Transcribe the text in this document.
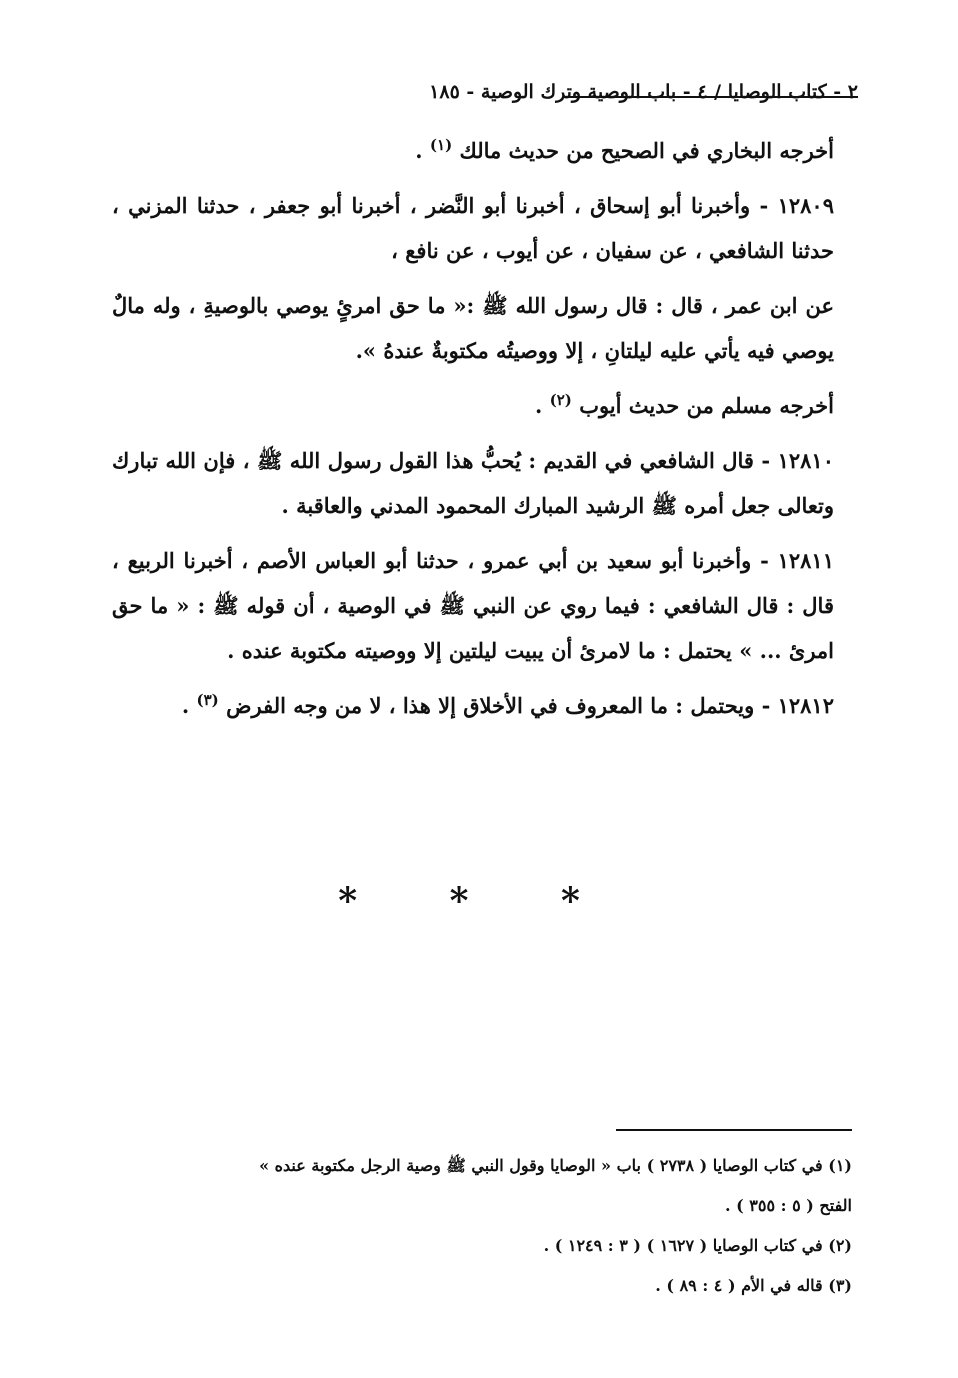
٢ - كتاب الوصايا / ٤ - باب الوصية وترك الوصية - ١٨٥

أخرجه البخاري في الصحيح من حديث مالك $^{(١)}$ .

١٢٨٠٩ - وأخبرنا أبو إسحاق ، أخبرنا أبو النَّضر ، أخبرنا أبو جعفر ، حدثنا المزني ، حدثنا الشافعي ، عن سفيان ، عن أيوب ، عن نافع ،

عن ابن عمر ، قال : قال رسول الله ﷺ :« ما حق امرئٍ يوصي بالوصيةِ ، وله مالٌ يوصي فيه يأتي عليه ليلتانِ ، إلا ووصيتُه مكتوبةٌ عندهُ ».

أخرجه مسلم من حديث أيوب $^{(٢)}$ .

١٢٨١٠ - قال الشافعي في القديم : يُحبُّ هذا القول رسول الله ﷺ ، فإن الله تبارك وتعالى جعل أمره ﷺ الرشيد المبارك المحمود المدني والعاقبة .

١٢٨١١ - وأخبرنا أبو سعيد بن أبي عمرو ، حدثنا أبو العباس الأصم ، أخبرنا الربيع ، قال : قال الشافعي : فيما روي عن النبي ﷺ في الوصية ، أن قوله ﷺ : « ما حق امرئ ... » يحتمل : ما لامرئ أن يبيت ليلتين إلا ووصيته مكتوبة عنده .

١٢٨١٢ - ويحتمل : ما المعروف في الأخلاق إلا هذا ، لا من وجه الفرض $^{(٣)}$ .

* * *

(١) في كتاب الوصايا ( ٢٧٣٨ ) باب « الوصايا وقول النبي ﷺ وصية الرجل مكتوبة عنده »

الفتح ( ٥ : ٣٥٥ ) .

(٢) في كتاب الوصايا ( ١٦٢٧ ) ( ٣ : ١٢٤٩ ) .

(٣) قاله في الأم ( ٤ : ٨٩ ) .
